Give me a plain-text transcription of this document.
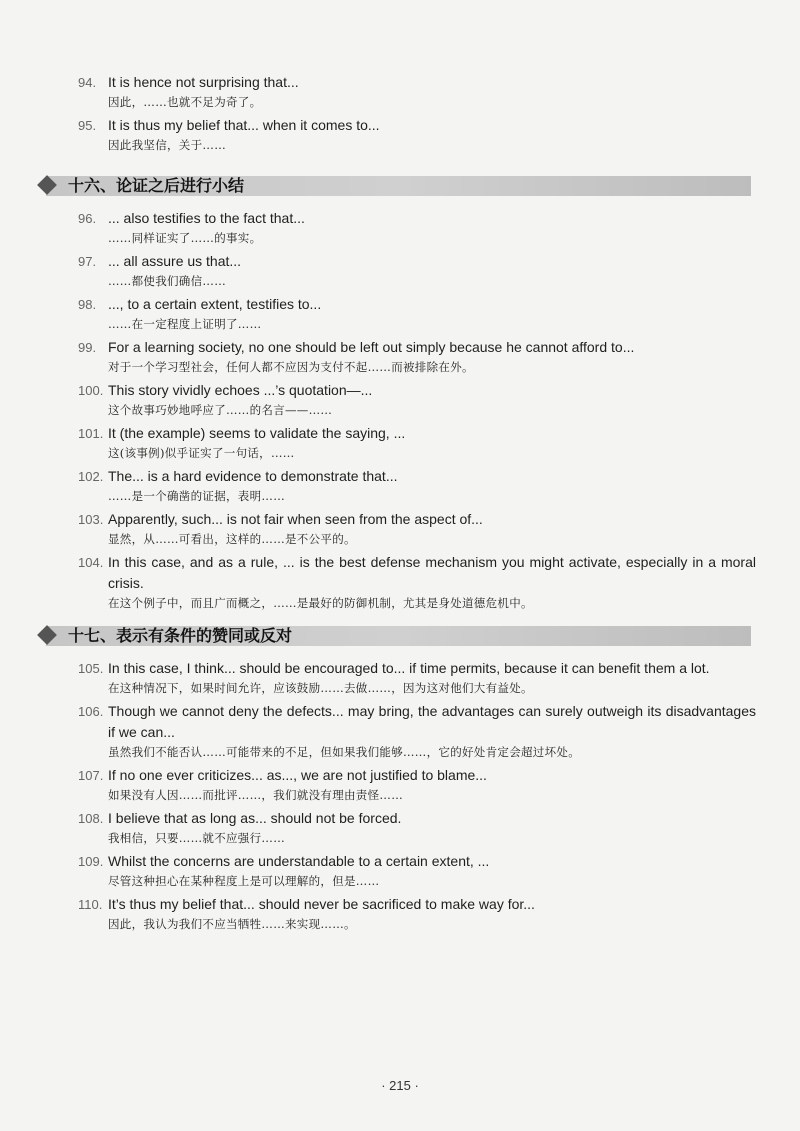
94. It is hence not surprising that...

因此，……也就不足为奇了。

95. It is thus my belief that... when it comes to...

因此我坚信，关于……

十六、论证之后进行小结

96. ... also testifies to the fact that...

……同样证实了……的事实。

97. ... all assure us that...

……都使我们确信……

98. ..., to a certain extent, testifies to...

……在一定程度上证明了……

99. For a learning society, no one should be left out simply because he cannot afford to...

对于一个学习型社会，任何人都不应因为支付不起……而被排除在外。

100. This story vividly echoes ...’s quotation—...

这个故事巧妙地呼应了……的名言——……

101. It (the example) seems to validate the saying, ...

这(该事例)似乎证实了一句话，……

102. The... is a hard evidence to demonstrate that...

……是一个确凿的证据，表明……

103. Apparently, such... is not fair when seen from the aspect of...

显然，从……可看出，这样的……是不公平的。

104. In this case, and as a rule, ... is the best defense mechanism you might activate, especially in a moral crisis.

在这个例子中，而且广而概之，……是最好的防御机制，尤其是身处道德危机中。

十七、表示有条件的赞同或反对

105. In this case, I think... should be encouraged to... if time permits, because it can benefit them a lot.

在这种情况下，如果时间允许，应该鼓励……去做……，因为这对他们大有益处。

106. Though we cannot deny the defects... may bring, the advantages can surely outweigh its disadvantages if we can...

虽然我们不能否认……可能带来的不足，但如果我们能够……，它的好处肯定会超过坏处。

107. If no one ever criticizes... as..., we are not justified to blame...

如果没有人因……而批评……，我们就没有理由责怪……

108. I believe that as long as... should not be forced.

我相信，只要……就不应强行……

109. Whilst the concerns are understandable to a certain extent, ...

尽管这种担心在某种程度上是可以理解的，但是……

110. It’s thus my belief that... should never be sacrificed to make way for...

因此，我认为我们不应当牺牲……来实现……。

· 215 ·
